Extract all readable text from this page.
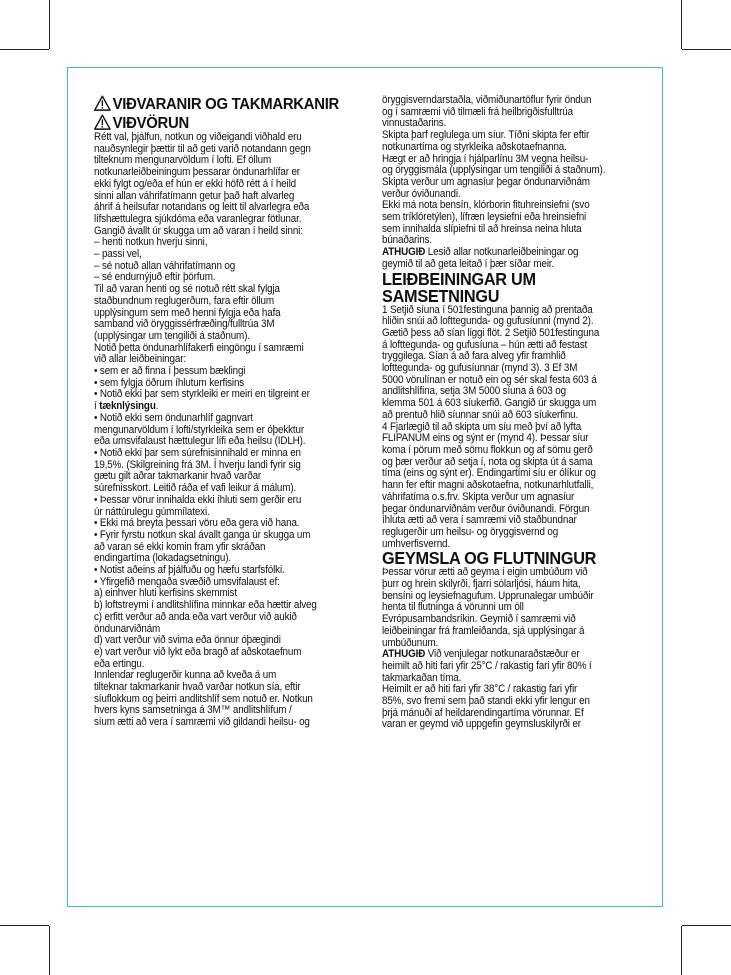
VIÐVARANIR OG TAKMARKANIR

VIÐVÖRUN

Rétt val, þjálfun, notkun og viðeigandi viðhald eru

nauðsynlegir þættir til að geti varið notandann gegn

tilteknum mengunarvöldum í lofti. Ef öllum

notkunarleiðbeiningum þessarar öndunarhlífar er

ekki fylgt og/eða ef hún er ekki höfð rétt á í heild

sinni allan váhrifatímann getur það haft alvarleg

áhrif á heilsufar notandans og leitt til alvarlegra eða

lífshættulegra sjúkdóma eða varanlegrar fötlunar.

Gangið ávallt úr skugga um að varan í heild sinni:

– henti notkun hverju sinni,

– passi vel,

– sé notuð allan váhrifatímann og

– sé endurnýjuð eftir þörfum.

Til að varan henti og sé notuð rétt skal fylgja

staðbundnum reglugerðum, fara eftir öllum

upplýsingum sem með henni fylgja eða hafa

samband við öryggissérfræðing/fulltrúa 3M

(upplýsingar um tengiliði á staðnum).

Notið þetta öndunarhlífakerfi eingöngu í samræmi

við allar leiðbeiningar:

• sem er að finna í þessum bæklingi

• sem fylgja öðrum íhlutum kerfisins

• Notið ekki þar sem styrkleiki er meiri en tilgreint er

í tæknlýsingu.

• Notið ekki sem öndunarhlíf gagnvart

mengunarvöldum í lofti/styrkleika sem er óþekktur

eða umsvifalaust hættulegur lífi eða heilsu (IDLH).

• Notið ekki þar sem súrefnisinnihald er minna en

19,5%. (Skilgreining frá 3M. Í hverju landi fyrir sig

gætu gilt aðrar takmarkanir hvað varðar

súrefnisskort. Leitið ráða ef vafi leikur á málum).

• Þessar vörur innihalda ekki íhluti sem gerðir eru

úr náttúrulegu gúmmílatexi.

• Ekki má breyta þessari vöru eða gera við hana.

• Fyrir fyrstu notkun skal ávallt ganga úr skugga um

að varan sé ekki komin fram yfir skráðan

endingartíma (lokadagsetningu).

• Notist aðeins af þjálfuðu og hæfu starfsfólki.

• Yfirgefið mengaða svæðið umsvifalaust ef:

a) einhver hluti kerfisins skemmist

b) loftstreymi í andlitshlífina minnkar eða hættir alveg

c) erfitt verður að anda eða vart verður við aukið

öndunarviðnám

d) vart verður við svima eða önnur óþægindi

e) vart verður við lykt eða bragð af aðskotaefnum

eða ertingu.

Innlendar reglugerðir kunna að kveða á um

tilteknar takmarkanir hvað varðar notkun sía, eftir

síuflokkum og þeirri andlitshlíf sem notuð er. Notkun

hvers kyns samsetninga á 3M™ andlitshlífum /

síum ætti að vera í samræmi við gildandi heilsu- og

öryggisverndarstaðla, viðmiðunartöflur fyrir öndun

og í samræmi við tilmæli frá heilbrigðisfulltrúa

vinnustaðarins.

Skipta þarf reglulega um síur. Tíðni skipta fer eftir

notkunartíma og styrkleika aðskotaefnanna.

Hægt er að hringja í hjálparlínu 3M vegna heilsu-

og öryggismála (upplýsingar um tengiliði á staðnum).

Skipta verður um agnasíur þegar öndunarviðnám

verður óviðunandi.

Ekki má nota bensín, klórborin fituhreinsiefni (svo

sem tríklóretýlen), lífræn leysiefni eða hreinsiefni

sem innihalda slípiefni til að hreinsa neina hluta

búnaðarins.

ATHUGIÐ Lesið allar notkunarleiðbeiningar og

geymið til að geta leitað í þær síðar meir.

LEIÐBEININGAR UM

SAMSETNINGU

1 Setjið síuna í 501festinguna þannig að prentaða

hliðin snúi að lofttegunda- og gufusíunni (mynd 2).

Gætið þess að sían liggi flöt. 2 Setjið 501festinguna

á lofttegunda- og gufusíuna – hún ætti að festast

tryggilega. Sían á að fara alveg yfir framhlið

lofttegunda- og gufusíunnar (mynd 3). 3 Ef 3M

5000 vörulínan er notuð ein og sér skal festa 603 á

andlitshlífina, setja 3M 5000 síuna á 603 og

klemma 501 á 603 síukerfið. Gangið úr skugga um

að prentuð hlið síunnar snúi að 603 síukerfinu.

4 Fjarlægið til að skipta um síu með því að lyfta

FLIPANUM eins og sýnt er (mynd 4). Þessar síur

koma í pörum með sömu flokkun og af sömu gerð

og þær verður að setja í, nota og skipta út á sama

tíma (eins og sýnt er). Endingartími síu er ólíkur og

hann fer eftir magni aðskotaefna, notkunarhlutfalli,

váhrifatíma o.s.frv. Skipta verður um agnasíur

þegar öndunarviðnám verður óviðunandi. Förgun

íhluta ætti að vera í samræmi við staðbundnar

reglugerðir um heilsu- og öryggisvernd og

umhverfisvernd.

GEYMSLA OG FLUTNINGUR

Þessar vörur ætti að geyma í eigin umbúðum við

þurr og hrein skilyrði, fjarri sólarljósi, háum hita,

bensíni og leysiefnagufum. Upprunalegar umbúðir

henta til flutninga á vörunni um öll

Evrópusambandsríkin. Geymið í samræmi við

leiðbeiningar frá framleiðanda, sjá upplýsingar á

umbúðunum.

ATHUGIÐ Við venjulegar notkunaraðstæður er

heimilt að hiti fari yfir 25°C / rakastig fari yfir 80% í

takmarkaðan tíma.

Heimilt er að hiti fari yfir 38°C / rakastig fari yfir

85%, svo fremi sem það standi ekki yfir lengur en

þrjá mánuði af heildarendingartíma vörunnar. Ef

varan er geymd við uppgefin geymsluskilyrði er
